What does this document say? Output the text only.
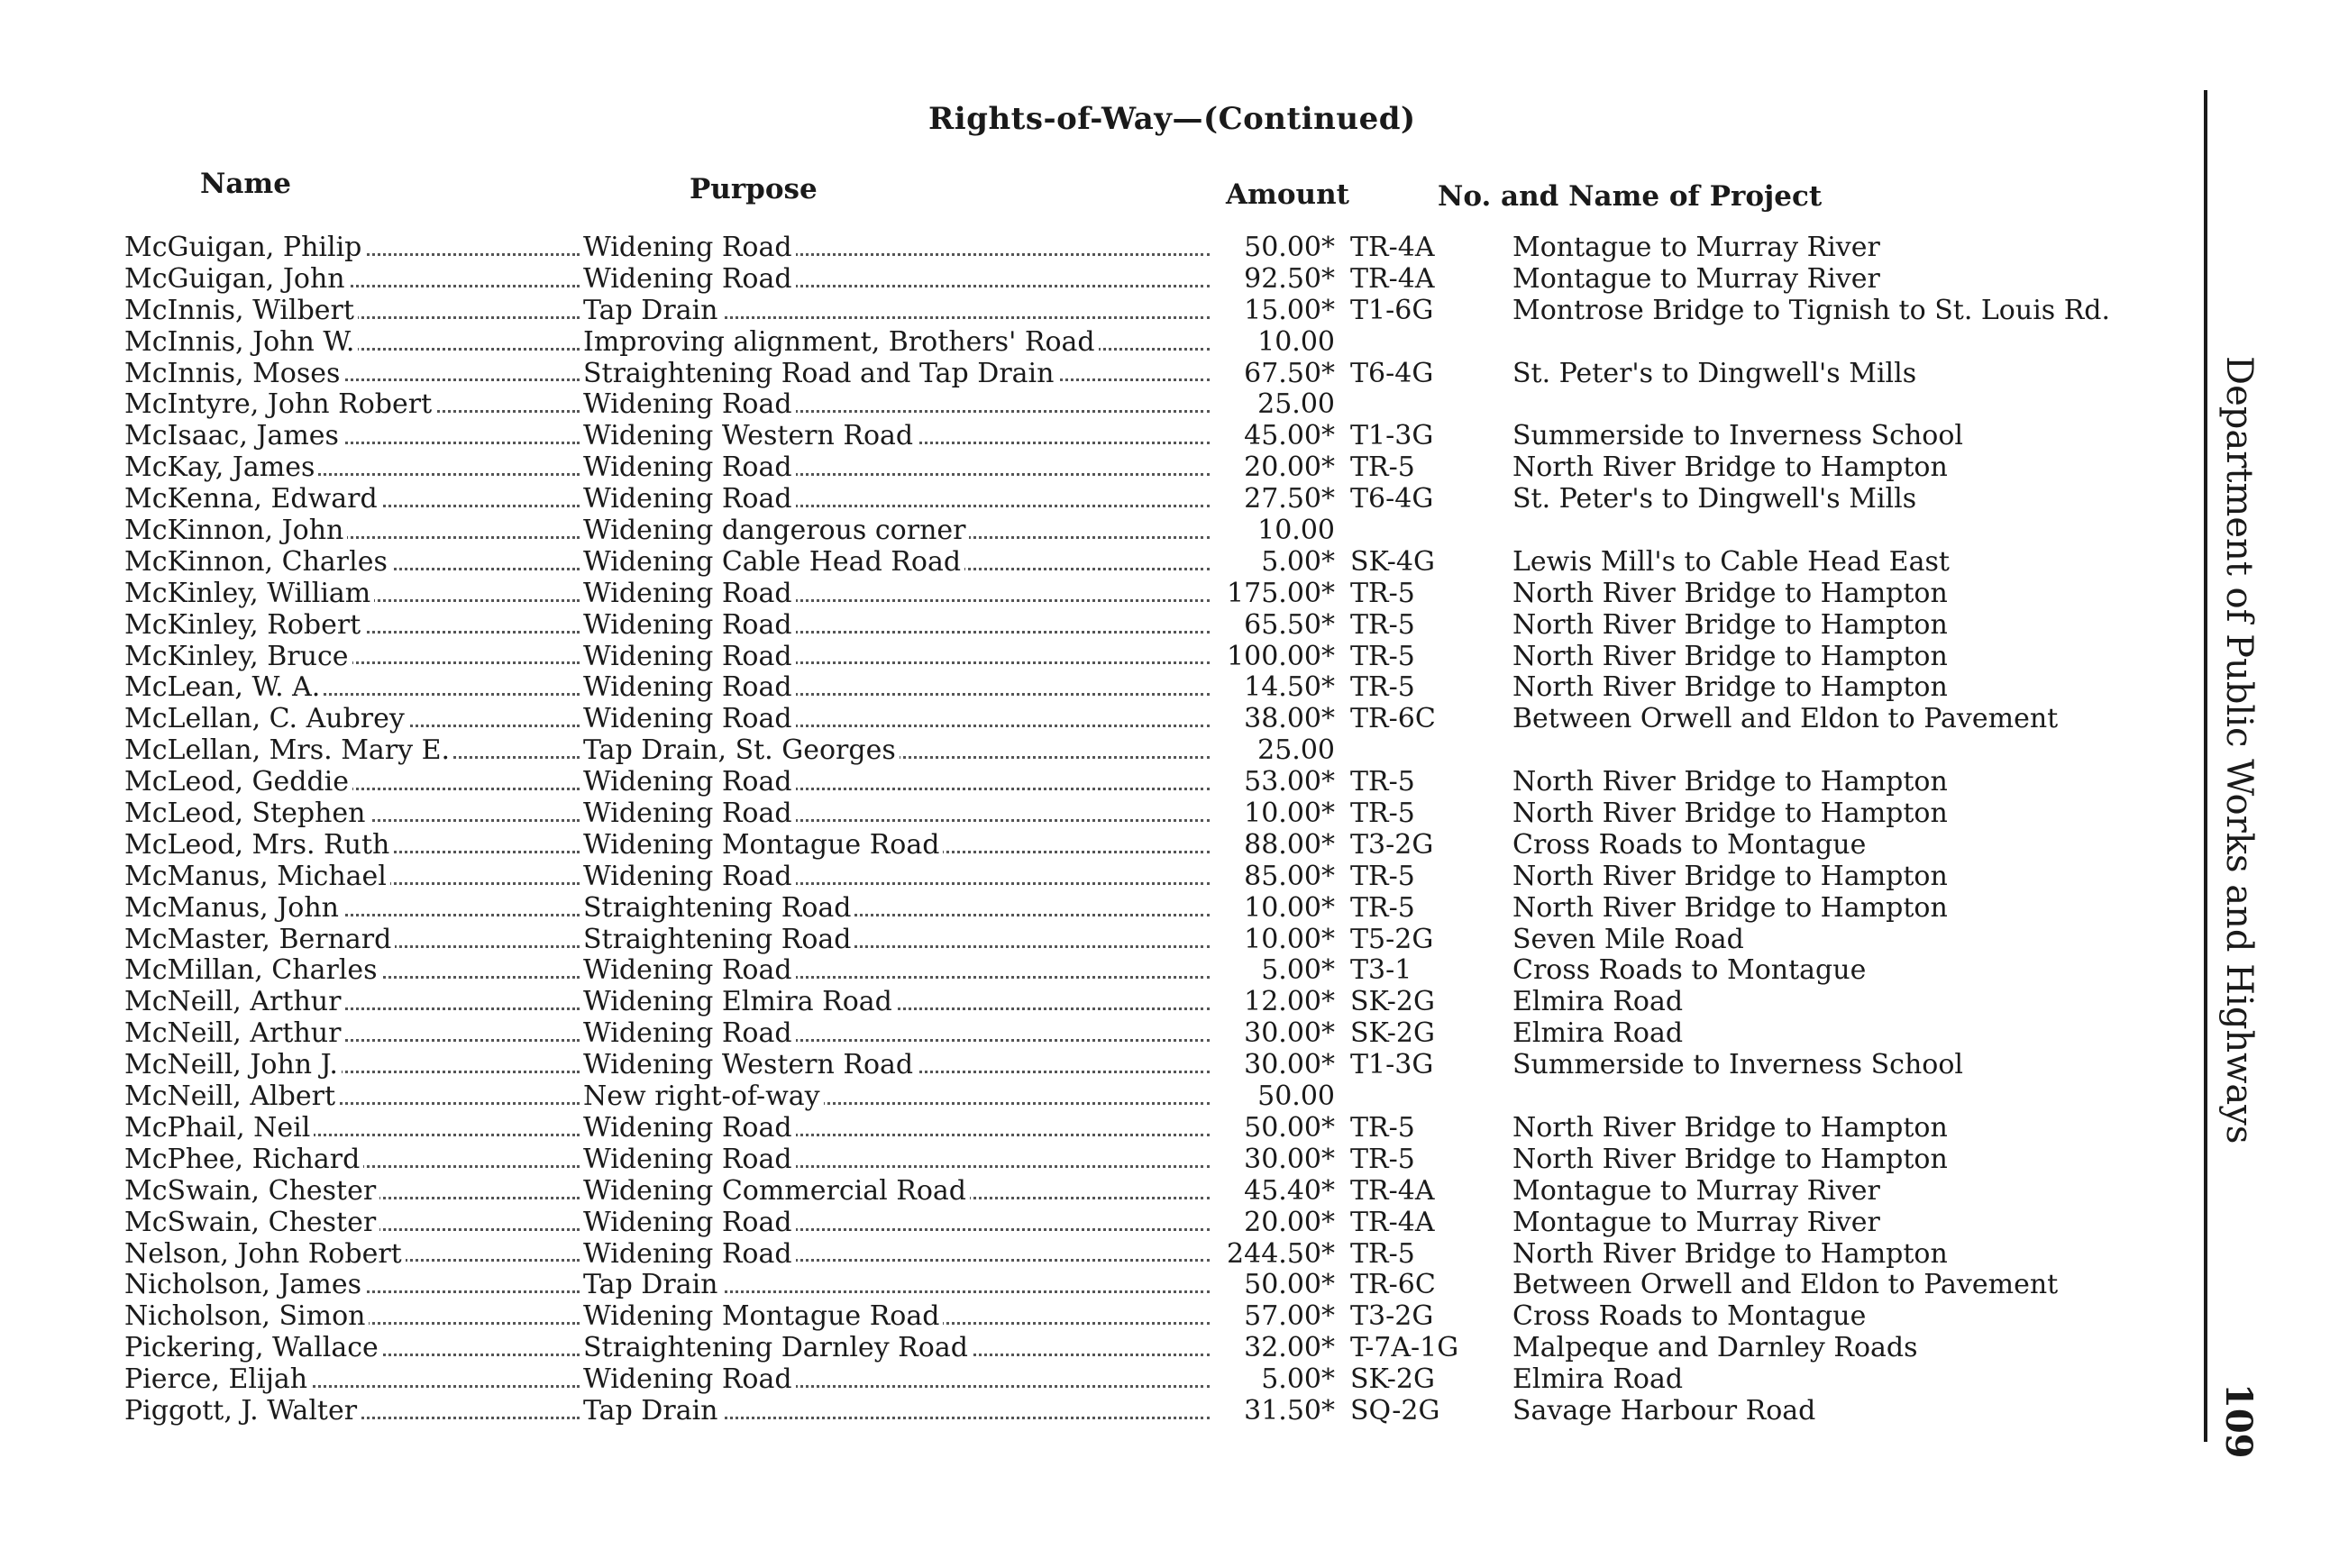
Rights-of-Way—(Continued)
Name	Purpose	Amount	No. and Name of Project
McGuigan, Philip	Widening Road	50.00* TR-4A	Montague to Murray River
McGuigan, John	Widening Road	92.50* TR-4A	Montague to Murray River
McInnis, Wilbert	Tap Drain	15.00* T1-6G	Montrose Bridge to Tignish to St. Louis Rd.
McInnis, John W.	Improving alignment, Brothers' Road	10.00
McInnis, Moses	Straightening Road and Tap Drain	67.50* T6-4G	St. Peter's to Dingwell's Mills
McIntyre, John Robert	Widening Road	25.00
McIsaac, James	Widening Western Road	45.00* T1-3G	Summerside to Inverness School
McKay, James	Widening Road	20.00* TR-5	North River Bridge to Hampton
McKenna, Edward	Widening Road	27.50* T6-4G	St. Peter's to Dingwell's Mills
McKinnon, John	Widening dangerous corner	10.00
McKinnon, Charles	Widening Cable Head Road	5.00* SK-4G	Lewis Mill's to Cable Head East
McKinley, William	Widening Road	175.00* TR-5	North River Bridge to Hampton
McKinley, Robert	Widening Road	65.50* TR-5	North River Bridge to Hampton
McKinley, Bruce	Widening Road	100.00* TR-5	North River Bridge to Hampton
McLean, W. A.	Widening Road	14.50* TR-5	North River Bridge to Hampton
McLellan, C. Aubrey	Widening Road	38.00* TR-6C	Between Orwell and Eldon to Pavement
McLellan, Mrs. Mary E.	Tap Drain, St. Georges	25.00
McLeod, Geddie	Widening Road	53.00* TR-5	North River Bridge to Hampton
McLeod, Stephen	Widening Road	10.00* TR-5	North River Bridge to Hampton
McLeod, Mrs. Ruth	Widening Montague Road	88.00* T3-2G	Cross Roads to Montague
McManus, Michael	Widening Road	85.00* TR-5	North River Bridge to Hampton
McManus, John	Straightening Road	10.00* TR-5	North River Bridge to Hampton
McMaster, Bernard	Straightening Road	10.00* T5-2G	Seven Mile Road
McMillan, Charles	Widening Road	5.00* T3-1	Cross Roads to Montague
McNeill, Arthur	Widening Elmira Road	12.00* SK-2G	Elmira Road
McNeill, Arthur	Widening Road	30.00* SK-2G	Elmira Road
McNeill, John J.	Widening Western Road	30.00* T1-3G	Summerside to Inverness School
McNeill, Albert	New right-of-way	50.00
McPhail, Neil	Widening Road	50.00* TR-5	North River Bridge to Hampton
McPhee, Richard	Widening Road	30.00* TR-5	North River Bridge to Hampton
McSwain, Chester	Widening Commercial Road	45.40* TR-4A	Montague to Murray River
McSwain, Chester	Widening Road	20.00* TR-4A	Montague to Murray River
Nelson, John Robert	Widening Road	244.50* TR-5	North River Bridge to Hampton
Nicholson, James	Tap Drain	50.00* TR-6C	Between Orwell and Eldon to Pavement
Nicholson, Simon	Widening Montague Road	57.00* T3-2G	Cross Roads to Montague
Pickering, Wallace	Straightening Darnley Road	32.00* T-7A-1G	Malpeque and Darnley Roads
Pierce, Elijah	Widening Road	5.00* SK-2G	Elmira Road
Piggott, J. Walter	Tap Drain	31.50* SQ-2G	Savage Harbour Road
Department of Public Works and Highways
109
